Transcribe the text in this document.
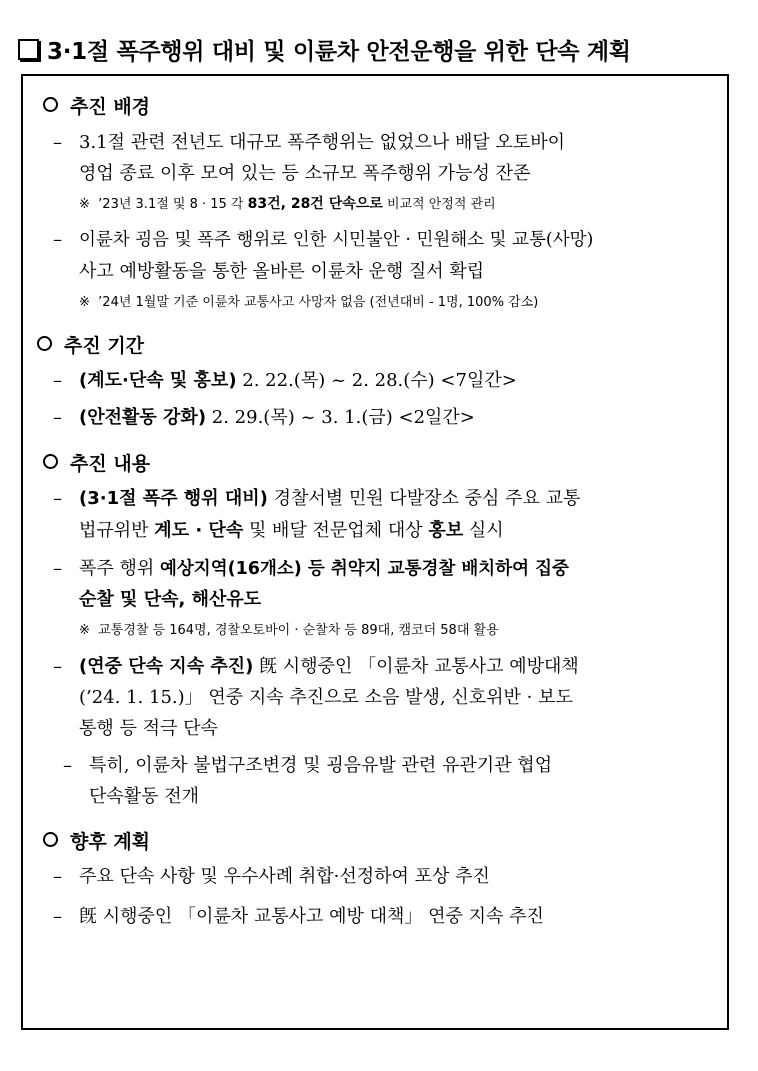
3·1절 폭주행위 대비 및 이륜차 안전운행을 위한 단속 계획
추진 배경
– 3.1절 관련 전년도 대규모 폭주행위는 없었으나 배달 오토바이
영업 종료 이후 모여 있는 등 소규모 폭주행위 가능성 잔존
※ ’23년 3.1절 및 8 · 15 각 83건, 28건 단속으로 비교적 안정적 관리
– 이륜차 굉음 및 폭주 행위로 인한 시민불안 · 민원해소 및 교통(사망)
사고 예방활동을 통한 올바른 이륜차 운행 질서 확립
※ ’24년 1월말 기준 이륜차 교통사고 사망자 없음 (전년대비 - 1명, 100% 감소)
추진 기간
– (계도·단속 및 홍보) 2. 22.(목) ~ 2. 28.(수) <7일간>
– (안전활동 강화) 2. 29.(목) ~ 3. 1.(금) <2일간>
추진 내용
– (3·1절 폭주 행위 대비) 경찰서별 민원 다발장소 중심 주요 교통
법규위반 계도 · 단속 및 배달 전문업체 대상 홍보 실시
– 폭주 행위 예상지역(16개소) 등 취약지 교통경찰 배치하여 집중
순찰 및 단속, 해산유도
※ 교통경찰 등 164명, 경찰오토바이 · 순찰차 등 89대, 캠코더 58대 활용
– (연중 단속 지속 추진) 旣 시행중인 「이륜차 교통사고 예방대책
(’24. 1. 15.)」 연중 지속 추진으로 소음 발생, 신호위반 · 보도
통행 등 적극 단속
– 특히, 이륜차 불법구조변경 및 굉음유발 관련 유관기관 협업
단속활동 전개
향후 계획
– 주요 단속 사항 및 우수사례 취합·선정하여 포상 추진
– 旣 시행중인 「이륜차 교통사고 예방 대책」 연중 지속 추진
